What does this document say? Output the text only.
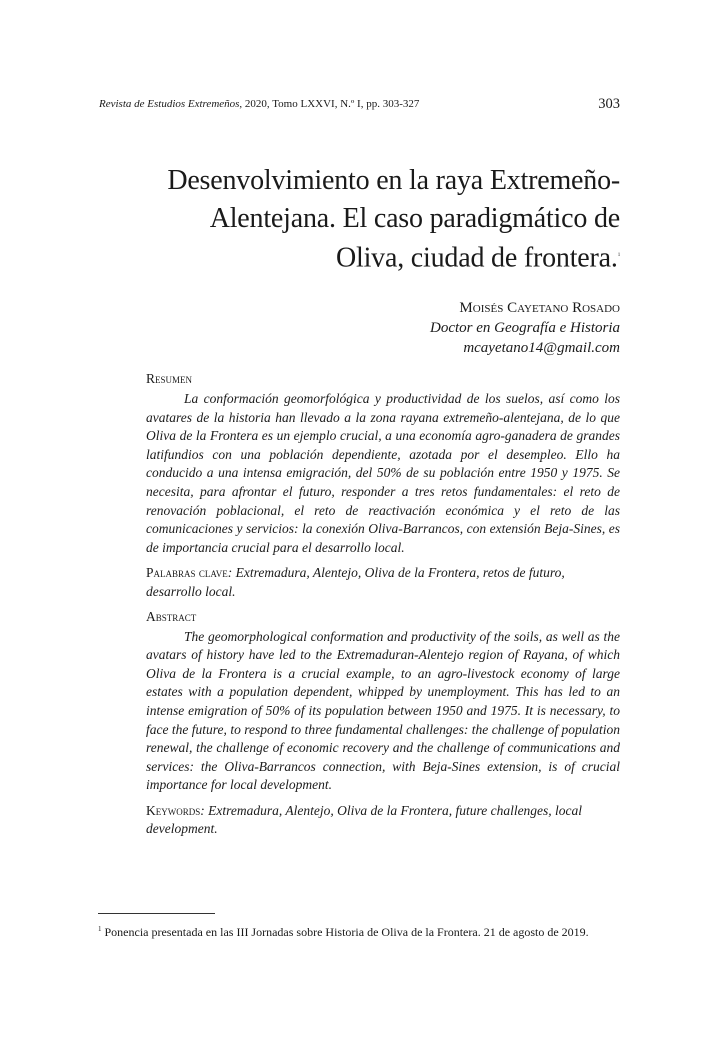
Revista de Estudios Extremeños, 2020, Tomo LXXVI, N.º I, pp. 303-327	303
Desenvolvimiento en la raya Extremeño-
Alentejana. El caso paradigmático de
Oliva, ciudad de frontera.$^1$
Moisés Cayetano Rosado
Doctor en Geografía e Historia
mcayetano14@gmail.com
Resumen

La conformación geomorfológica y productividad de los suelos, así como los avatares de la historia han llevado a la zona rayana extremeño-alentejana, de lo que Oliva de la Frontera es un ejemplo crucial, a una economía agro-ganadera de grandes latifundios con una población dependiente, azotada por el desempleo. Ello ha conducido a una intensa emigración, del 50% de su población entre 1950 y 1975. Se necesita, para afrontar el futuro, responder a tres retos fundamentales: el reto de renovación poblacional, el reto de reactivación económica y el reto de las comunicaciones y servicios: la conexión Oliva-Barrancos, con extensión Beja-Sines, es de importancia crucial para el desarrollo local.

Palabras clave: Extremadura, Alentejo, Oliva de la Frontera, retos de futuro, desarrollo local.

Abstract

The geomorphological conformation and productivity of the soils, as well as the avatars of history have led to the Extremaduran-Alentejo region of Rayana, of which Oliva de la Frontera is a crucial example, to an agro-livestock economy of large estates with a population dependent, whipped by unemployment. This has led to an intense emigration of 50% of its population between 1950 and 1975. It is necessary, to face the future, to respond to three fundamental challenges: the challenge of population renewal, the challenge of economic recovery and the challenge of communications and services: the Oliva-Barrancos connection, with Beja-Sines extension, is of crucial importance for local development.

Keywords: Extremadura, Alentejo, Oliva de la Frontera, future challenges, local development.

$^1$ Ponencia presentada en las III Jornadas sobre Historia de Oliva de la Frontera. 21 de agosto de 2019.
